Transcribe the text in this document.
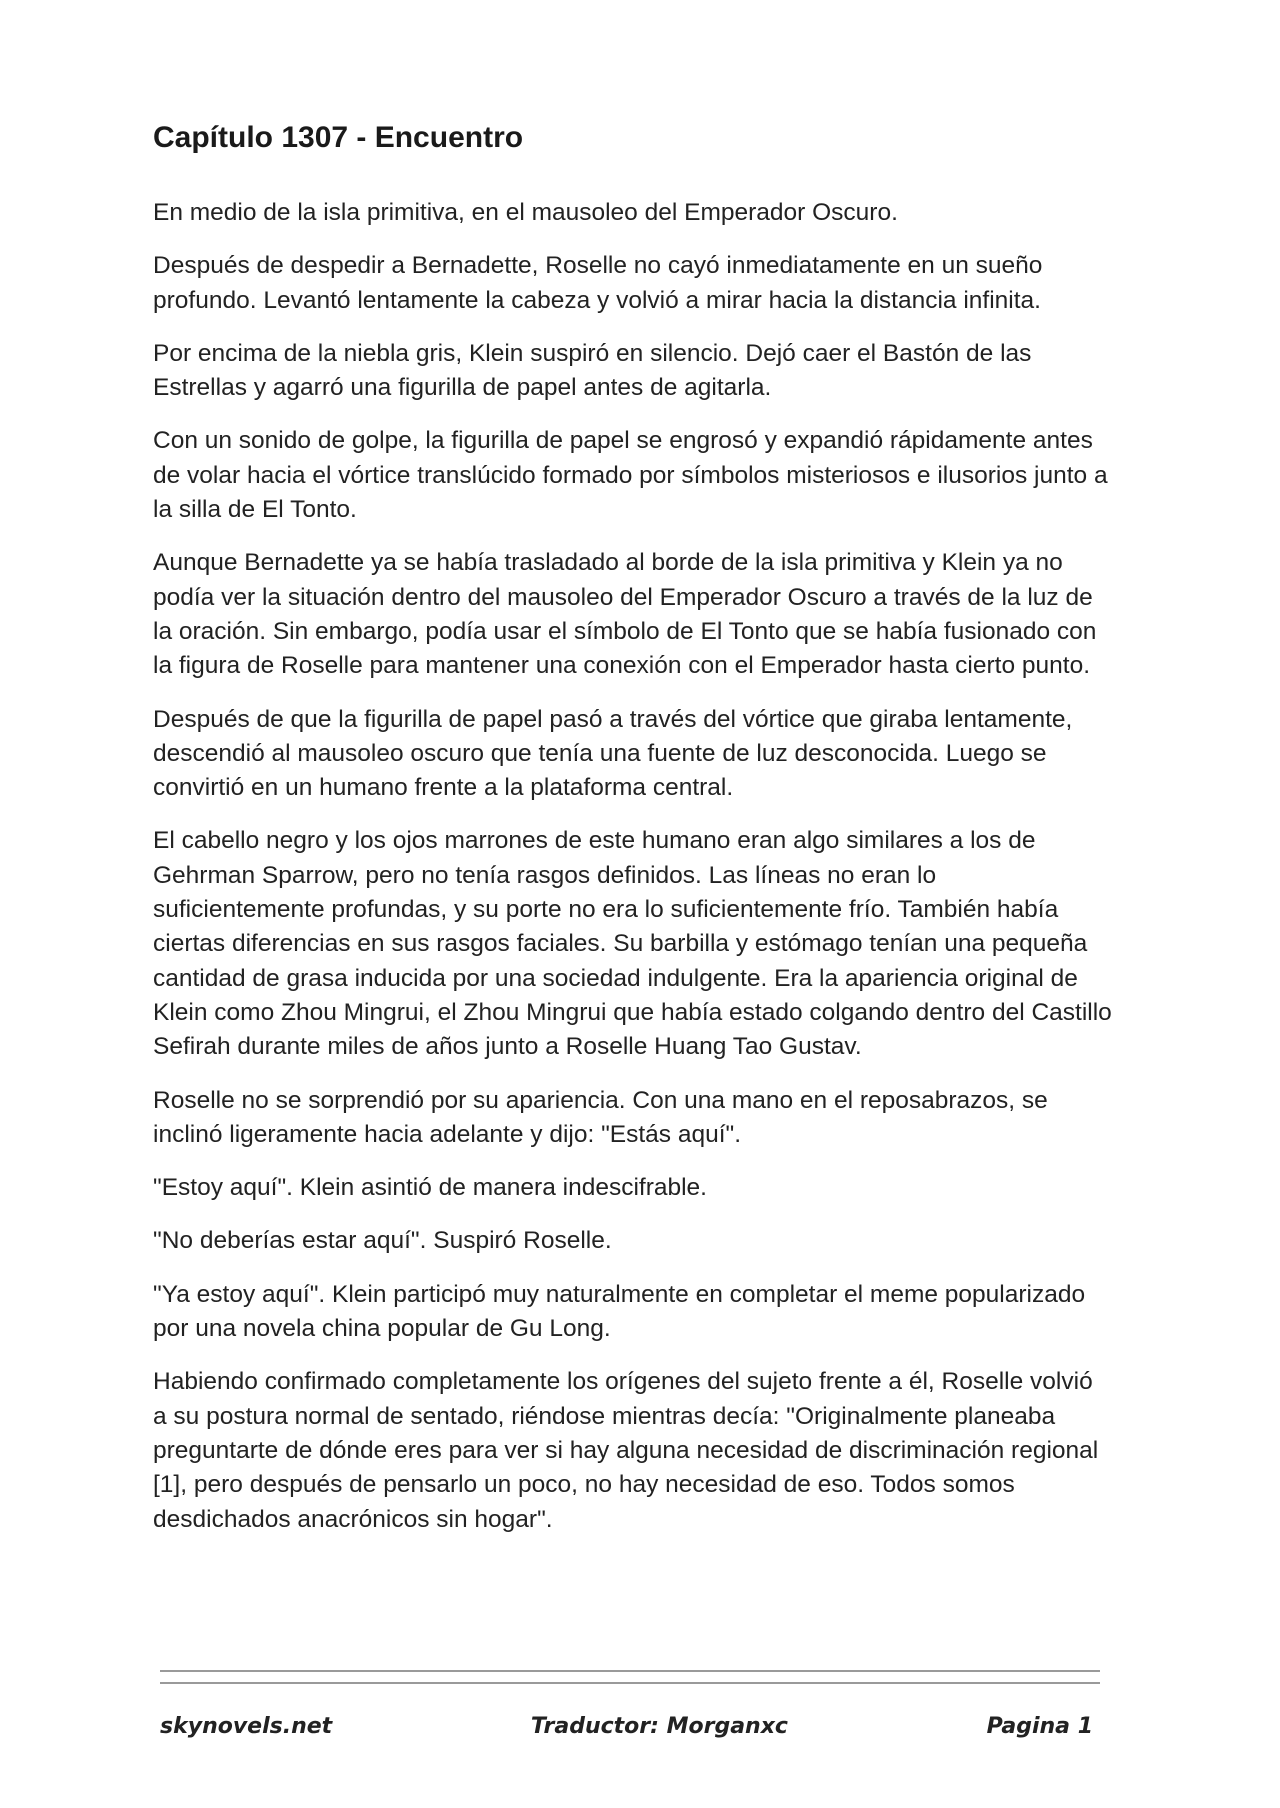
Capítulo 1307 - Encuentro

En medio de la isla primitiva, en el mausoleo del Emperador Oscuro.

Después de despedir a Bernadette, Roselle no cayó inmediatamente en un sueño profundo. Levantó lentamente la cabeza y volvió a mirar hacia la distancia infinita.

Por encima de la niebla gris, Klein suspiró en silencio. Dejó caer el Bastón de las Estrellas y agarró una figurilla de papel antes de agitarla.

Con un sonido de golpe, la figurilla de papel se engrosó y expandió rápidamente antes de volar hacia el vórtice translúcido formado por símbolos misteriosos e ilusorios junto a la silla de El Tonto.

Aunque Bernadette ya se había trasladado al borde de la isla primitiva y Klein ya no podía ver la situación dentro del mausoleo del Emperador Oscuro a través de la luz de la oración. Sin embargo, podía usar el símbolo de El Tonto que se había fusionado con la figura de Roselle para mantener una conexión con el Emperador hasta cierto punto.

Después de que la figurilla de papel pasó a través del vórtice que giraba lentamente, descendió al mausoleo oscuro que tenía una fuente de luz desconocida. Luego se convirtió en un humano frente a la plataforma central.

El cabello negro y los ojos marrones de este humano eran algo similares a los de Gehrman Sparrow, pero no tenía rasgos definidos. Las líneas no eran lo suficientemente profundas, y su porte no era lo suficientemente frío. También había ciertas diferencias en sus rasgos faciales. Su barbilla y estómago tenían una pequeña cantidad de grasa inducida por una sociedad indulgente. Era la apariencia original de Klein como Zhou Mingrui, el Zhou Mingrui que había estado colgando dentro del Castillo Sefirah durante miles de años junto a Roselle Huang Tao Gustav.

Roselle no se sorprendió por su apariencia. Con una mano en el reposabrazos, se inclinó ligeramente hacia adelante y dijo: "Estás aquí".

"Estoy aquí". Klein asintió de manera indescifrable.

"No deberías estar aquí". Suspiró Roselle.

"Ya estoy aquí". Klein participó muy naturalmente en completar el meme popularizado por una novela china popular de Gu Long.

Habiendo confirmado completamente los orígenes del sujeto frente a él, Roselle volvió a su postura normal de sentado, riéndose mientras decía: "Originalmente planeaba preguntarte de dónde eres para ver si hay alguna necesidad de discriminación regional [1], pero después de pensarlo un poco, no hay necesidad de eso. Todos somos desdichados anacrónicos sin hogar".

skynovels.net	Traductor: Morganxc	Pagina 1
